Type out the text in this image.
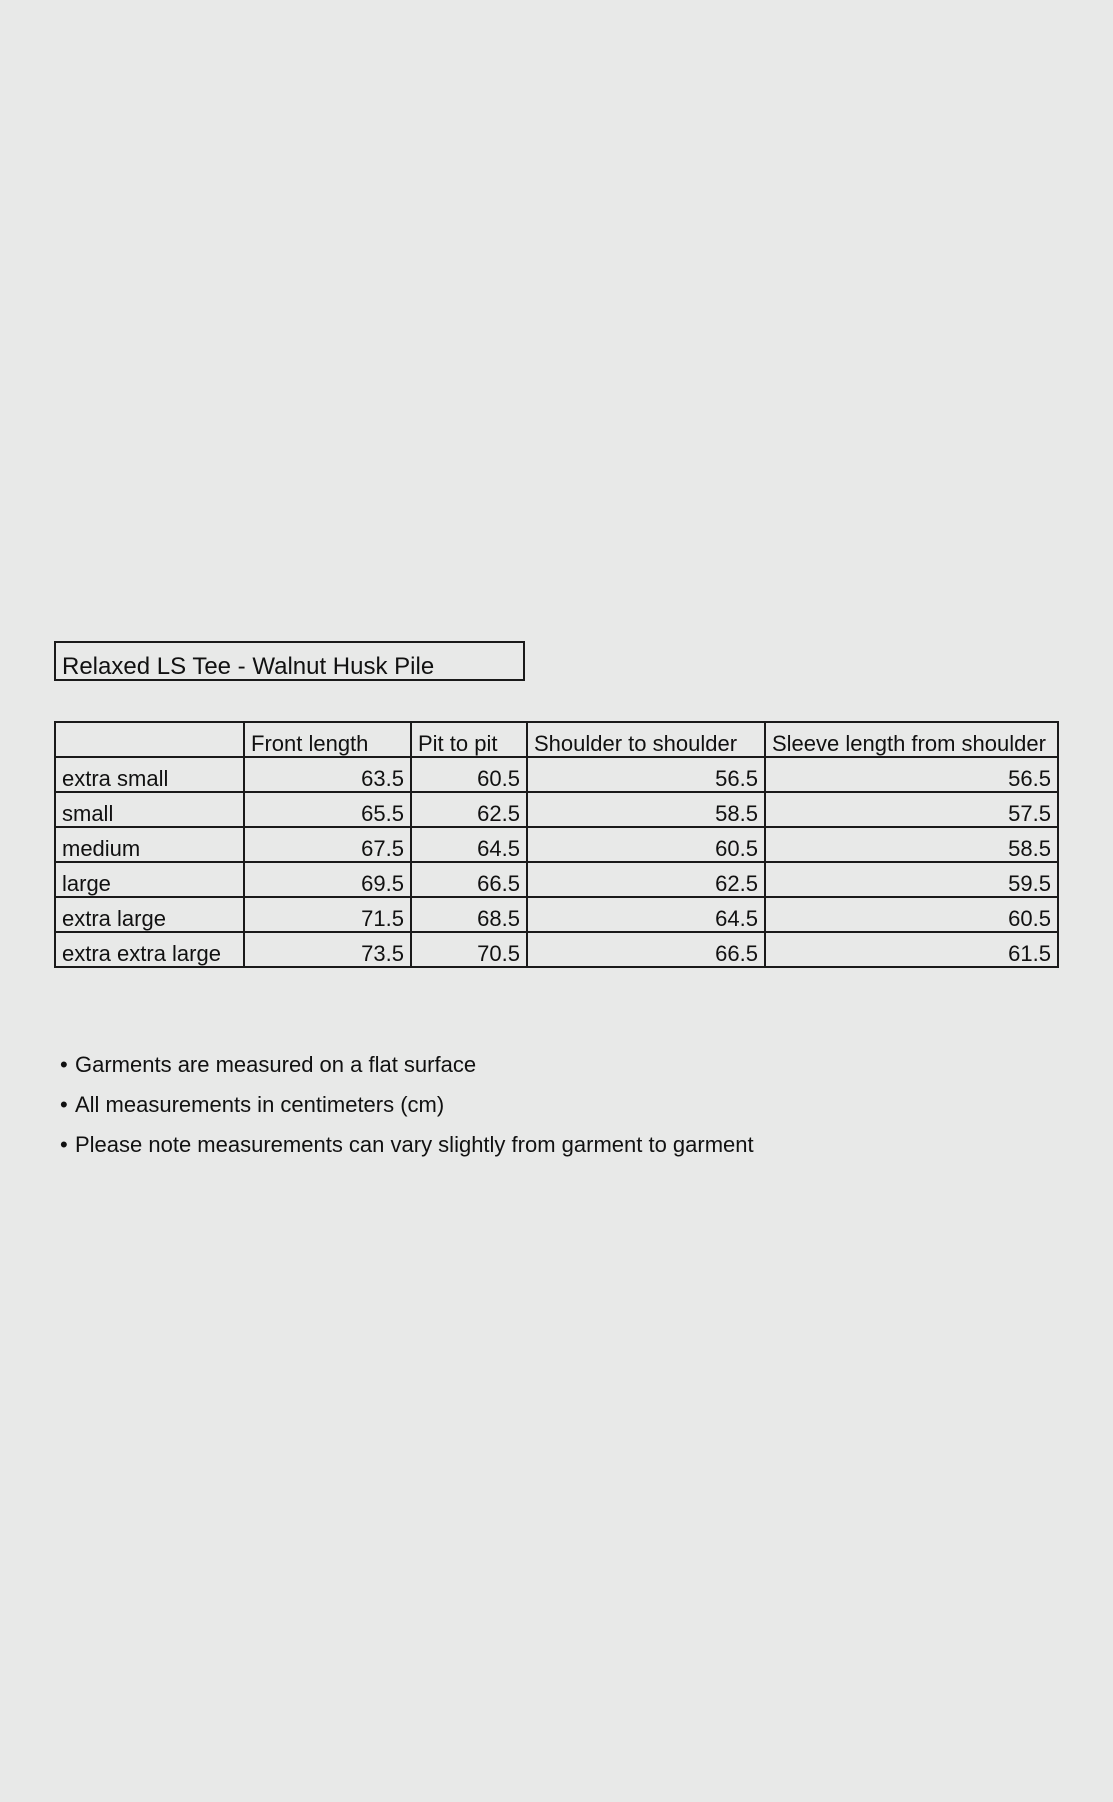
Relaxed LS Tee - Walnut Husk Pile
	Front length	Pit to pit	Shoulder to shoulder	Sleeve length from shoulder
extra small	63.5	60.5	56.5	56.5
small	65.5	62.5	58.5	57.5
medium	67.5	64.5	60.5	58.5
large	69.5	66.5	62.5	59.5
extra large	71.5	68.5	64.5	60.5
extra extra large	73.5	70.5	66.5	61.5
• Garments are measured on a flat surface
• All measurements in centimeters (cm)
• Please note measurements can vary slightly from garment to garment
